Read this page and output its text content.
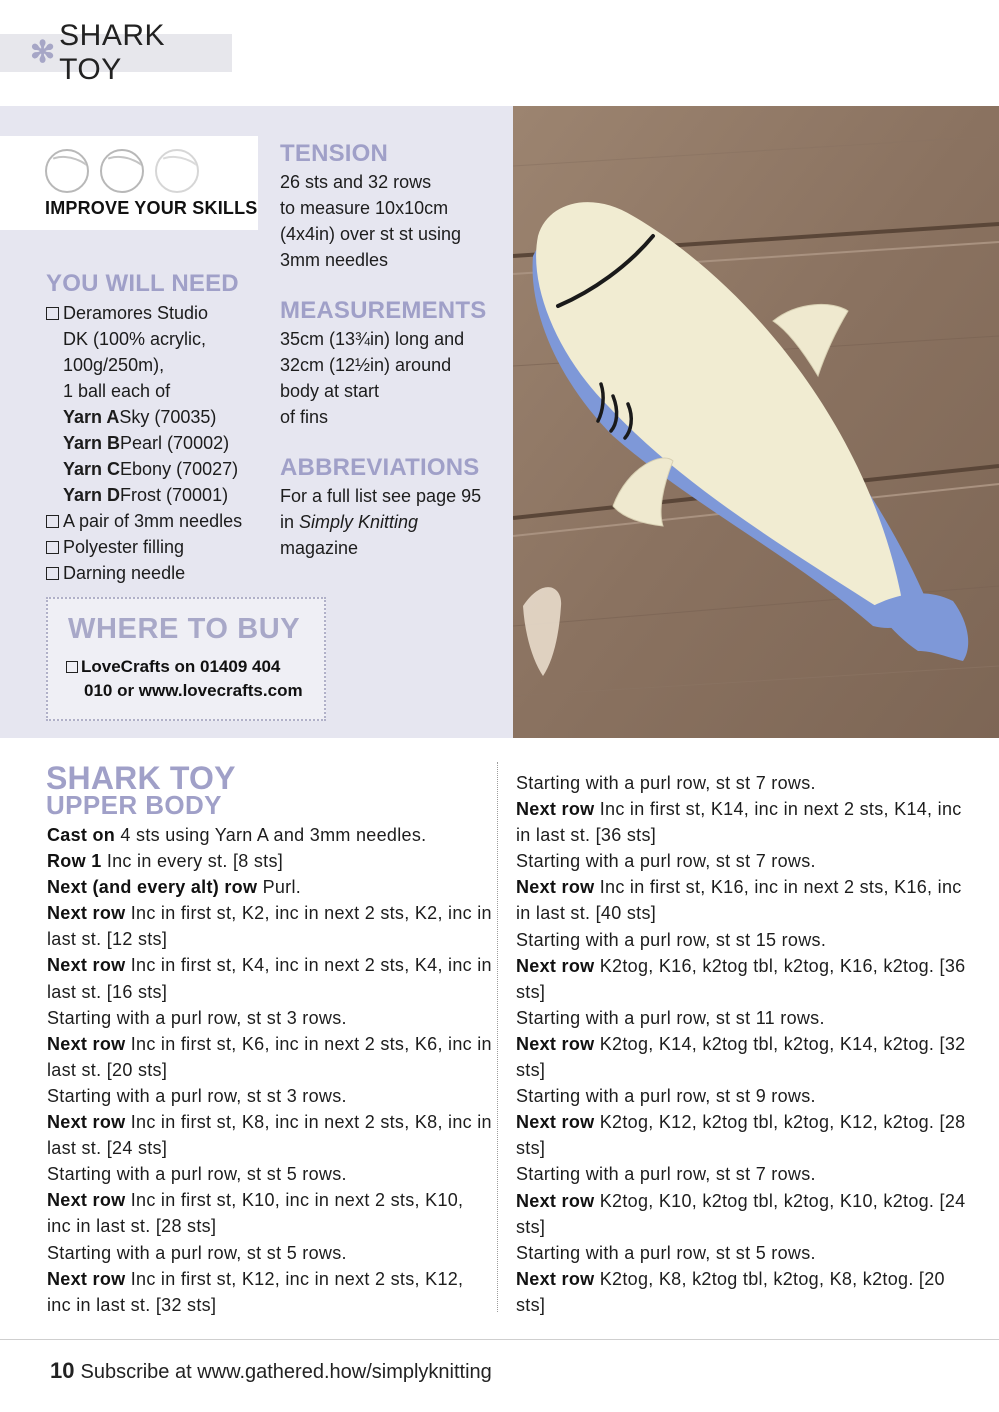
✻
SHARK TOY
IMPROVE YOUR SKILLS
YOU WILL NEED
Deramores Studio
DK (100% acrylic,
100g/250m),
1 ball each of
Yarn A Sky (70035)
Yarn B Pearl (70002)
Yarn C Ebony (70027)
Yarn D Frost (70001)
A pair of 3mm needles
Polyester filling
Darning needle
WHERE TO BUY
LoveCrafts on 01409 404
010 or www.lovecrafts.com
TENSION
26 sts and 32 rows
to measure 10x10cm
(4x4in) over st st using
3mm needles
MEASUREMENTS
35cm (13¾in) long and
32cm (12½in) around
body at start
of fins
ABBREVIATIONS
For a full list see page 95
in Simply Knitting
magazine
SHARK TOY
UPPER BODY

Cast on 4 sts using Yarn A and 3mm needles.

Row 1 Inc in every st. [8 sts]

Next (and every alt) row Purl.

Next row Inc in first st, K2, inc in next 2 sts, K2, inc in last st. [12 sts]

Next row Inc in first st, K4, inc in next 2 sts, K4, inc in last st. [16 sts]

Starting with a purl row, st st 3 rows.

Next row Inc in first st, K6, inc in next 2 sts, K6, inc in last st. [20 sts]

Starting with a purl row, st st 3 rows.

Next row Inc in first st, K8, inc in next 2 sts, K8, inc in last st. [24 sts]

Starting with a purl row, st st 5 rows.

Next row Inc in first st, K10, inc in next 2 sts, K10, inc in last st. [28 sts]

Starting with a purl row, st st 5 rows.

Next row Inc in first st, K12, inc in next 2 sts, K12, inc in last st. [32 sts]

Starting with a purl row, st st 7 rows.

Next row Inc in first st, K14, inc in next 2 sts, K14, inc in last st. [36 sts]

Starting with a purl row, st st 7 rows.

Next row Inc in first st, K16, inc in next 2 sts, K16, inc in last st. [40 sts]

Starting with a purl row, st st 15 rows.

Next row K2tog, K16, k2tog tbl, k2tog, K16, k2tog. [36 sts]

Starting with a purl row, st st 11 rows.

Next row K2tog, K14, k2tog tbl, k2tog, K14, k2tog. [32 sts]

Starting with a purl row, st st 9 rows.

Next row K2tog, K12, k2tog tbl, k2tog, K12, k2tog. [28 sts]

Starting with a purl row, st st 7 rows.

Next row K2tog, K10, k2tog tbl, k2tog, K10, k2tog. [24 sts]

Starting with a purl row, st st 5 rows.

Next row K2tog, K8, k2tog tbl, k2tog, K8, k2tog. [20 sts]

10 Subscribe at www.gathered.how/simplyknitting
